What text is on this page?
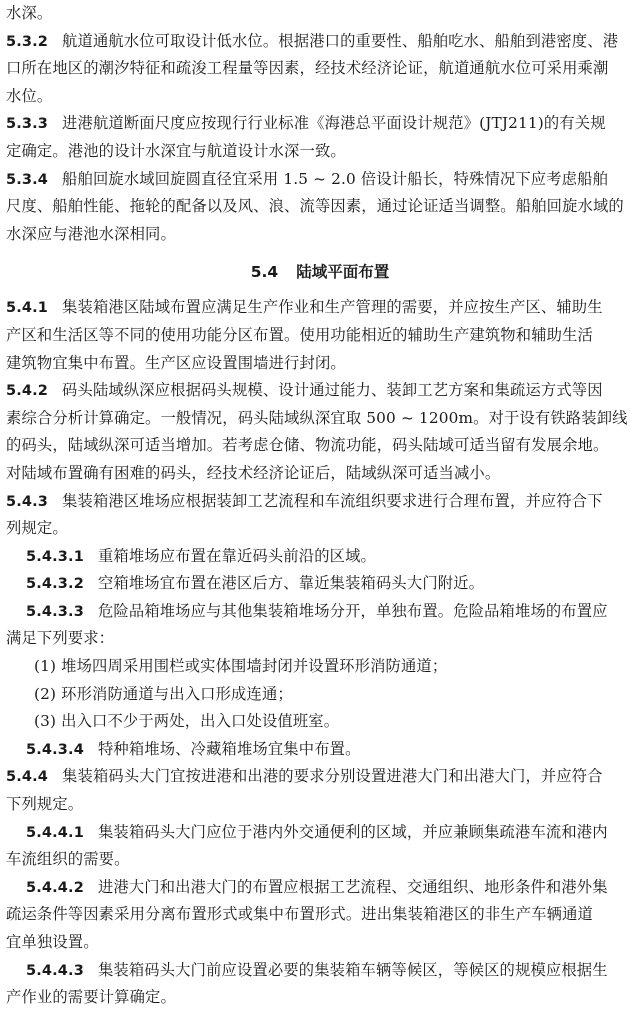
水深。
5.3.2 航道通航水位可取设计低水位。根据港口的重要性、船舶吃水、船舶到港密度、港
口所在地区的潮汐特征和疏浚工程量等因素，经技术经济论证，航道通航水位可采用乘潮
水位。
5.3.3 进港航道断面尺度应按现行行业标准《海港总平面设计规范》(JTJ211)的有关规
定确定。港池的设计水深宜与航道设计水深一致。
5.3.4 船舶回旋水域回旋圆直径宜采用 1.5 ~ 2.0 倍设计船长，特殊情况下应考虑船舶
尺度、船舶性能、拖轮的配备以及风、浪、流等因素，通过论证适当调整。船舶回旋水域的
水深应与港池水深相同。
5.4 陆域平面布置
5.4.1 集装箱港区陆域布置应满足生产作业和生产管理的需要，并应按生产区、辅助生
产区和生活区等不同的使用功能分区布置。使用功能相近的辅助生产建筑物和辅助生活
建筑物宜集中布置。生产区应设置围墙进行封闭。
5.4.2 码头陆域纵深应根据码头规模、设计通过能力、装卸工艺方案和集疏运方式等因
素综合分析计算确定。一般情况，码头陆域纵深宜取 500 ~ 1200m。对于设有铁路装卸线
的码头，陆域纵深可适当增加。若考虑仓储、物流功能，码头陆域可适当留有发展余地。
对陆域布置确有困难的码头，经技术经济论证后，陆域纵深可适当减小。
5.4.3 集装箱港区堆场应根据装卸工艺流程和车流组织要求进行合理布置，并应符合下
列规定。
5.4.3.1 重箱堆场应布置在靠近码头前沿的区域。
5.4.3.2 空箱堆场宜布置在港区后方、靠近集装箱码头大门附近。
5.4.3.3 危险品箱堆场应与其他集装箱堆场分开，单独布置。危险品箱堆场的布置应
满足下列要求：
(1) 堆场四周采用围栏或实体围墙封闭并设置环形消防通道；
(2) 环形消防通道与出入口形成连通；
(3) 出入口不少于两处，出入口处设值班室。
5.4.3.4 特种箱堆场、冷藏箱堆场宜集中布置。
5.4.4 集装箱码头大门宜按进港和出港的要求分别设置进港大门和出港大门，并应符合
下列规定。
5.4.4.1 集装箱码头大门应位于港内外交通便利的区域，并应兼顾集疏港车流和港内
车流组织的需要。
5.4.4.2 进港大门和出港大门的布置应根据工艺流程、交通组织、地形条件和港外集
疏运条件等因素采用分离布置形式或集中布置形式。进出集装箱港区的非生产车辆通道
宜单独设置。
5.4.4.3 集装箱码头大门前应设置必要的集装箱车辆等候区，等候区的规模应根据生
产作业的需要计算确定。
